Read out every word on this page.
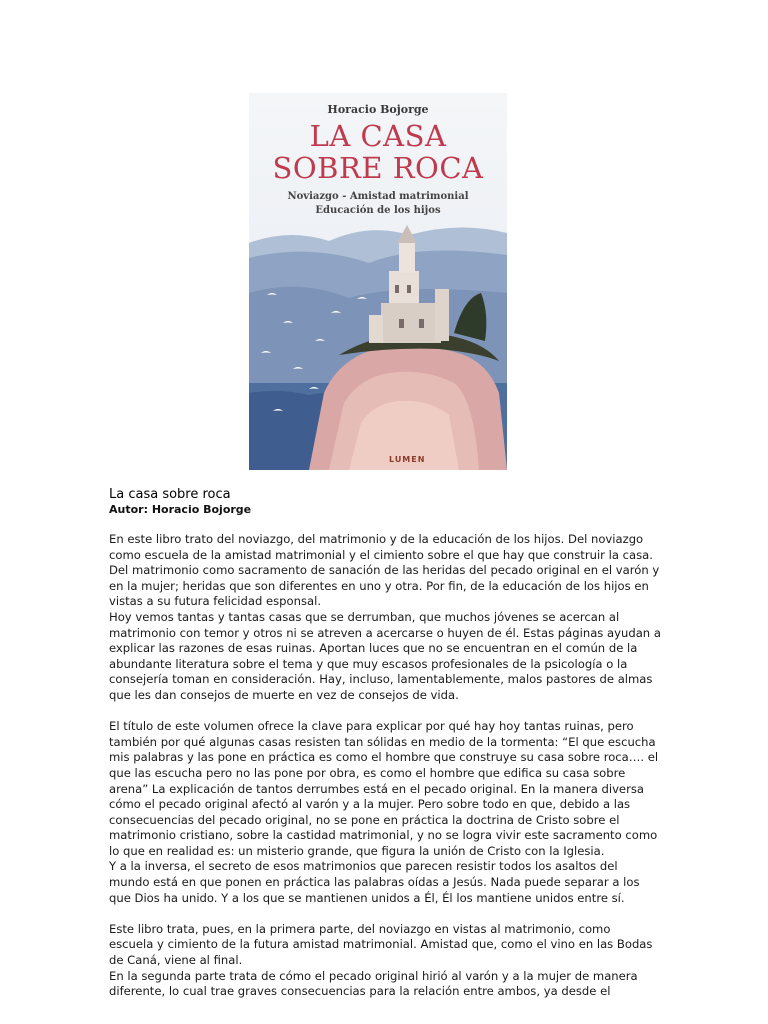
Horacio Bojorge
LA CASA
SOBRE ROCA
Noviazgo - Amistad matrimonial
Educación de los hijos
LUMEN
La casa sobre roca
Autor: Horacio Bojorge
En este libro trato del noviazgo, del matrimonio y de la educación de los hijos. Del noviazgo
como escuela de la amistad matrimonial y el cimiento sobre el que hay que construir la casa.
Del matrimonio como sacramento de sanación de las heridas del pecado original en el varón y
en la mujer; heridas que son diferentes en uno y otra. Por fin, de la educación de los hijos en
vistas a su futura felicidad esponsal.
Hoy vemos tantas y tantas casas que se derrumban, que muchos jóvenes se acercan al
matrimonio con temor y otros ni se atreven a acercarse o huyen de él. Estas páginas ayudan a
explicar las razones de esas ruinas. Aportan luces que no se encuentran en el común de la
abundante literatura sobre el tema y que muy escasos profesionales de la psicología o la
consejería toman en consideración. Hay, incluso, lamentablemente, malos pastores de almas
que les dan consejos de muerte en vez de consejos de vida.
El título de este volumen ofrece la clave para explicar por qué hay hoy tantas ruinas, pero
también por qué algunas casas resisten tan sólidas en medio de la tormenta: “El que escucha
mis palabras y las pone en práctica es como el hombre que construye su casa sobre roca…. el
que las escucha pero no las pone por obra, es como el hombre que edifica su casa sobre
arena” La explicación de tantos derrumbes está en el pecado original. En la manera diversa
cómo el pecado original afectó al varón y a la mujer. Pero sobre todo en que, debido a las
consecuencias del pecado original, no se pone en práctica la doctrina de Cristo sobre el
matrimonio cristiano, sobre la castidad matrimonial, y no se logra vivir este sacramento como
lo que en realidad es: un misterio grande, que figura la unión de Cristo con la Iglesia.
Y a la inversa, el secreto de esos matrimonios que parecen resistir todos los asaltos del
mundo está en que ponen en práctica las palabras oídas a Jesús. Nada puede separar a los
que Dios ha unido. Y a los que se mantienen unidos a Él, Él los mantiene unidos entre sí.
Este libro trata, pues, en la primera parte, del noviazgo en vistas al matrimonio, como
escuela y cimiento de la futura amistad matrimonial. Amistad que, como el vino en las Bodas
de Caná, viene al final.
En la segunda parte trata de cómo el pecado original hirió al varón y a la mujer de manera
diferente, lo cual trae graves consecuencias para la relación entre ambos, ya desde el
